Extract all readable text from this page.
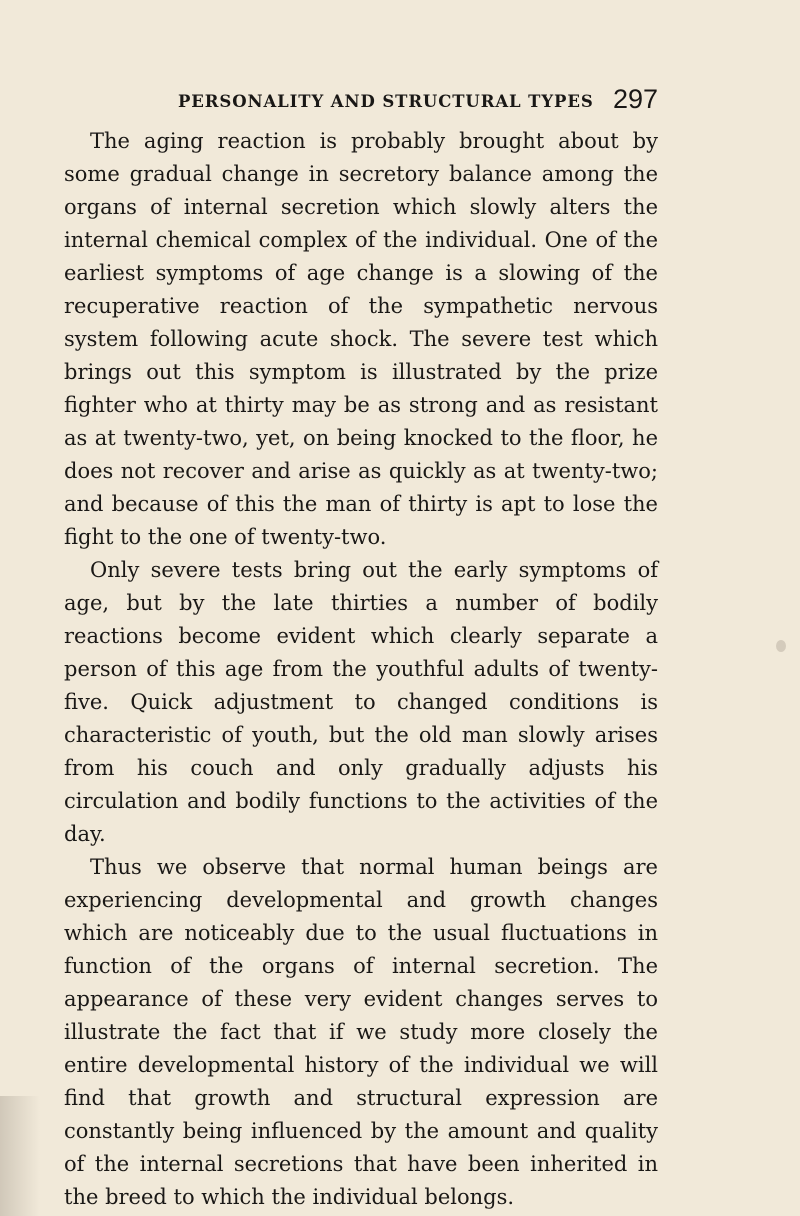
PERSONALITY AND STRUCTURAL TYPES 297

The aging reaction is probably brought about by some gradual change in secretory balance among the organs of internal secretion which slowly alters the internal chemical complex of the individual. One of the earliest symptoms of age change is a slowing of the recuperative reaction of the sympathetic nervous system following acute shock. The severe test which brings out this symptom is illustrated by the prize fighter who at thirty may be as strong and as resistant as at twenty-two, yet, on being knocked to the floor, he does not recover and arise as quickly as at twenty-two; and because of this the man of thirty is apt to lose the fight to the one of twenty-two.

Only severe tests bring out the early symptoms of age, but by the late thirties a number of bodily reactions become evident which clearly separate a person of this age from the youthful adults of twenty-five. Quick adjustment to changed conditions is characteristic of youth, but the old man slowly arises from his couch and only gradually adjusts his circulation and bodily functions to the activities of the day.

Thus we observe that normal human beings are experiencing developmental and growth changes which are noticeably due to the usual fluctuations in function of the organs of internal secretion. The appearance of these very evident changes serves to illustrate the fact that if we study more closely the entire developmental history of the individual we will find that growth and structural expression are constantly being influenced by the amount and quality of the internal secretions that have been inherited in the breed to which the individual belongs.
